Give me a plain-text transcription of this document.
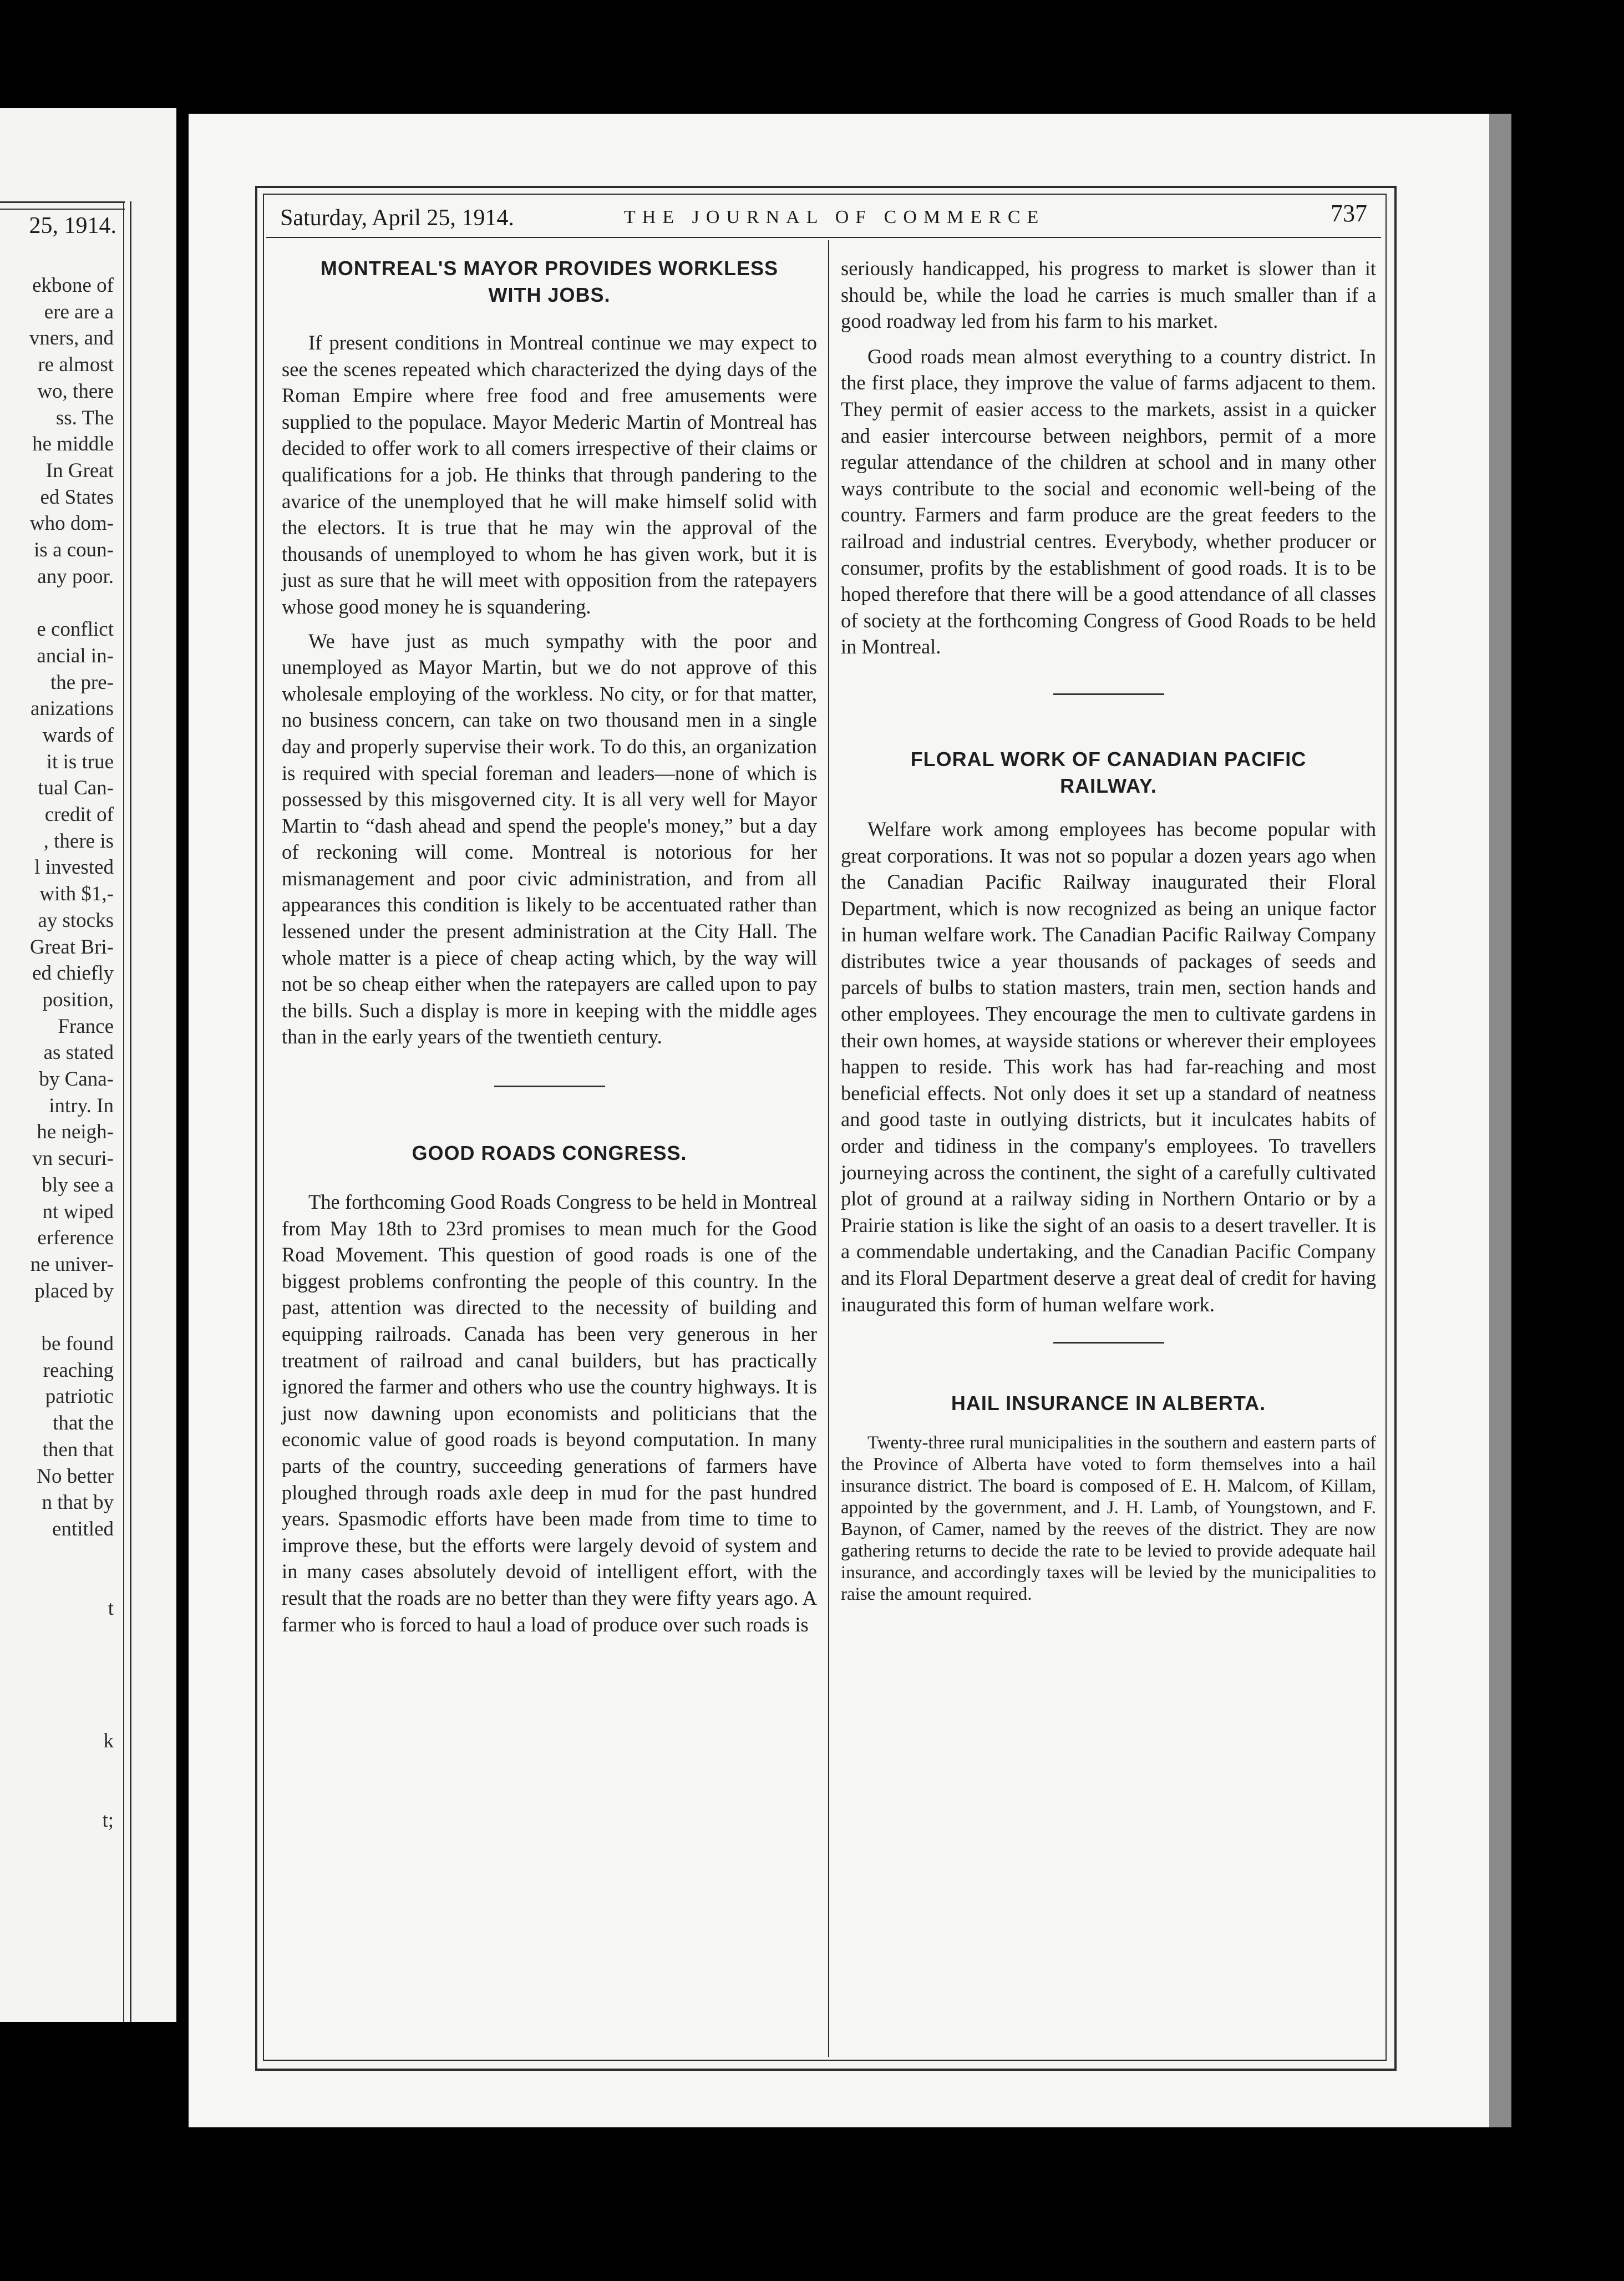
25, 1914.
ekbone of
ere are a
vners, and
re almost
wo, there
ss. The
he middle
In Great
ed States
who dom-
is a coun-
any poor.
e conflict
ancial in-
the pre-
anizations
wards of
it is true
tual Can-
credit of
, there is
l invested
with $1,-
ay stocks
Great Bri-
ed chiefly
position,
France
as stated
by Cana-
intry. In
he neigh-
vn securi-
bly see a
nt wiped
erference
ne univer-
placed by
be found
reaching
patriotic
that the
then that
No better
n that by
entitled
t
k
t;
Saturday, April 25, 1914.	THE JOURNAL OF COMMERCE	737
MONTREAL'S MAYOR PROVIDES WORKLESS WITH JOBS.

If present conditions in Montreal continue we may expect to see the scenes repeated which characterized the dying days of the Roman Empire where free food and free amusements were supplied to the populace. Mayor Mederic Martin of Montreal has decided to offer work to all comers irrespective of their claims or qualifications for a job. He thinks that through pandering to the avarice of the unemployed that he will make himself solid with the electors. It is true that he may win the approval of the thousands of unemployed to whom he has given work, but it is just as sure that he will meet with opposition from the ratepayers whose good money he is squandering.

We have just as much sympathy with the poor and unemployed as Mayor Martin, but we do not approve of this wholesale employing of the workless. No city, or for that matter, no business concern, can take on two thousand men in a single day and properly supervise their work. To do this, an organization is required with special foreman and leaders—none of which is possessed by this misgoverned city. It is all very well for Mayor Martin to “dash ahead and spend the people's money,” but a day of reckoning will come. Montreal is notorious for her mismanagement and poor civic administration, and from all appearances this condition is likely to be accentuated rather than lessened under the present administration at the City Hall. The whole matter is a piece of cheap acting which, by the way will not be so cheap either when the ratepayers are called upon to pay the bills. Such a display is more in keeping with the middle ages than in the early years of the twentieth century.

GOOD ROADS CONGRESS.

The forthcoming Good Roads Congress to be held in Montreal from May 18th to 23rd promises to mean much for the Good Road Movement. This question of good roads is one of the biggest problems confronting the people of this country. In the past, attention was directed to the necessity of building and equipping railroads. Canada has been very generous in her treatment of railroad and canal builders, but has practically ignored the farmer and others who use the country highways. It is just now dawning upon economists and politicians that the economic value of good roads is beyond computation. In many parts of the country, succeeding generations of farmers have ploughed through roads axle deep in mud for the past hundred years. Spasmodic efforts have been made from time to time to improve these, but the efforts were largely devoid of system and in many cases absolutely devoid of intelligent effort, with the result that the roads are no better than they were fifty years ago. A farmer who is forced to haul a load of produce over such roads is

seriously handicapped, his progress to market is slower than it should be, while the load he carries is much smaller than if a good roadway led from his farm to his market.

Good roads mean almost everything to a country district. In the first place, they improve the value of farms adjacent to them. They permit of easier access to the markets, assist in a quicker and easier intercourse between neighbors, permit of a more regular attendance of the children at school and in many other ways contribute to the social and economic well-being of the country. Farmers and farm produce are the great feeders to the railroad and industrial centres. Everybody, whether producer or consumer, profits by the establishment of good roads. It is to be hoped therefore that there will be a good attendance of all classes of society at the forthcoming Congress of Good Roads to be held in Montreal.

FLORAL WORK OF CANADIAN PACIFIC RAILWAY.

Welfare work among employees has become popular with great corporations. It was not so popular a dozen years ago when the Canadian Pacific Railway inaugurated their Floral Department, which is now recognized as being an unique factor in human welfare work. The Canadian Pacific Railway Company distributes twice a year thousands of packages of seeds and parcels of bulbs to station masters, train men, section hands and other employees. They encourage the men to cultivate gardens in their own homes, at wayside stations or wherever their employees happen to reside. This work has had far-reaching and most beneficial effects. Not only does it set up a standard of neatness and good taste in outlying districts, but it inculcates habits of order and tidiness in the company's employees. To travellers journeying across the continent, the sight of a carefully cultivated plot of ground at a railway siding in Northern Ontario or by a Prairie station is like the sight of an oasis to a desert traveller. It is a commendable undertaking, and the Canadian Pacific Company and its Floral Department deserve a great deal of credit for having inaugurated this form of human welfare work.

HAIL INSURANCE IN ALBERTA.

Twenty-three rural municipalities in the southern and eastern parts of the Province of Alberta have voted to form themselves into a hail insurance district. The board is composed of E. H. Malcom, of Killam, appointed by the government, and J. H. Lamb, of Youngstown, and F. Baynon, of Camer, named by the reeves of the district. They are now gathering returns to decide the rate to be levied to provide adequate hail insurance, and accordingly taxes will be levied by the municipalities to raise the amount required.
